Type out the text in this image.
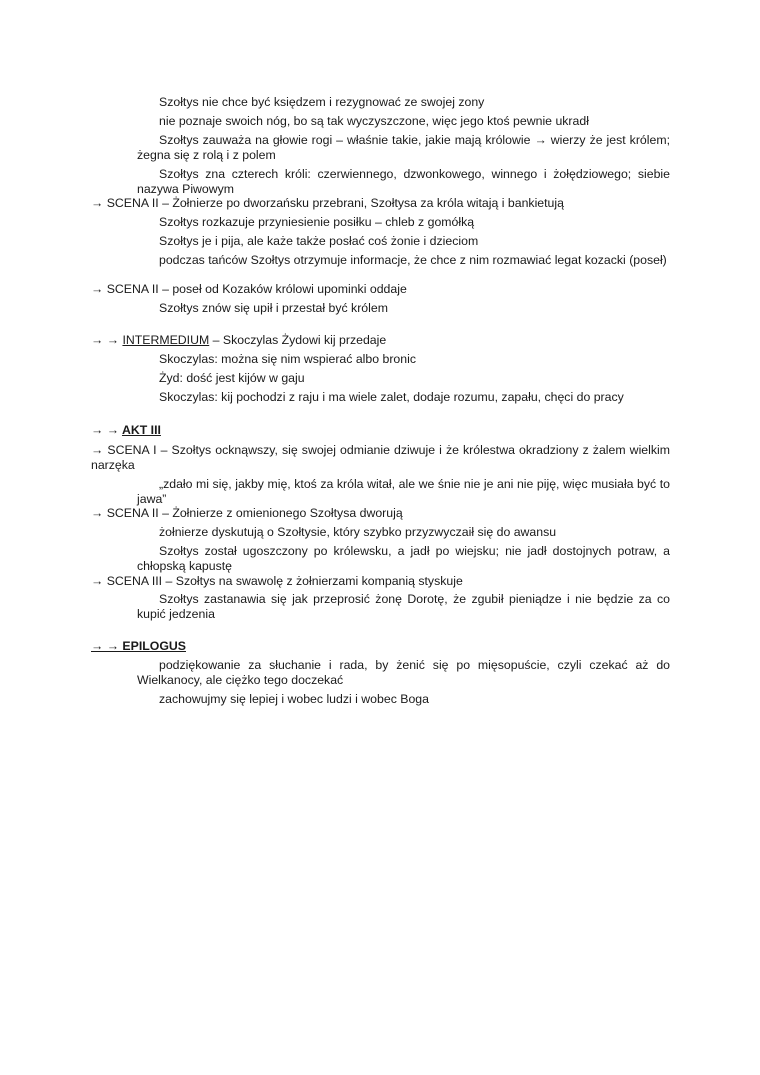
Szołtys nie chce być księdzem i rezygnować ze swojej zony
nie poznaje swoich nóg, bo są tak wyczyszczone, więc jego ktoś pewnie ukradł
Szołtys zauważa na głowie rogi – właśnie takie, jakie mają królowie → wierzy że jest królem; żegna się z rolą i z polem
Szołtys zna czterech króli: czerwiennego, dzwonkowego, winnego i żołędziowego; siebie nazywa Piwowym
→ SCENA II – Żołnierze po dworzańsku przebrani, Szołtysa za króla witają i bankietują
Szołtys rozkazuje przyniesienie posiłku – chleb z gomółką
Szołtys je i pija, ale każe także posłać coś żonie i dzieciom
podczas tańców Szołtys otrzymuje informacje, że chce z nim rozmawiać legat kozacki (poseł)
→ SCENA II – poseł od Kozaków królowi upominki oddaje
Szołtys znów się upił i przestał być królem
→ → INTERMEDIUM – Skoczylas Żydowi kij przedaje
Skoczylas: można się nim wspierać albo bronic
Żyd: dość jest kijów w gaju
Skoczylas: kij pochodzi z raju i ma wiele zalet, dodaje rozumu, zapału, chęci do pracy
→ → AKT III
→ SCENA I – Szołtys ocknąwszy, się swojej odmianie dziwuje i że królestwa okradziony z żalem wielkim narzęka
„zdało mi się, jakby mię, ktoś za króla witał, ale we śnie nie je ani nie piję, więc musiała być to jawa”
→ SCENA II – Żołnierze z omienionego Szołtysa dworują
żołnierze dyskutują o Szołtysie, który szybko przyzwyczaił się do awansu
Szołtys został ugoszczony po królewsku, a jadł po wiejsku; nie jadł dostojnych potraw, a chłopską kapustę
→ SCENA III – Szołtys na swawolę z żołnierzami kompanią styskuje
Szołtys zastanawia się jak przeprosić żonę Dorotę, że zgubił pieniądze i nie będzie za co kupić jedzenia
→ → EPILOGUS
podziękowanie za słuchanie i rada, by żenić się po mięsopuście, czyli czekać aż do Wielkanocy, ale ciężko tego doczekać
zachowujmy się lepiej i wobec ludzi i wobec Boga
